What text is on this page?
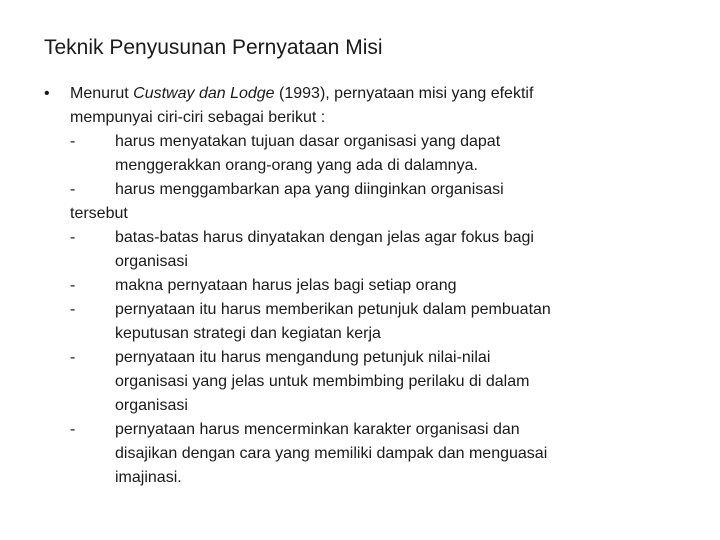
Teknik Penyusunan Pernyataan Misi
•	Menurut Custway dan Lodge (1993), pernyataan misi yang efektif
mempunyai ciri-ciri sebagai berikut :
- harus menyatakan tujuan dasar organisasi yang dapat
menggerakkan orang-orang yang ada di dalamnya.
- harus menggambarkan apa yang diinginkan organisasi
tersebut
- batas-batas harus dinyatakan dengan jelas agar fokus bagi
organisasi
- makna pernyataan harus jelas bagi setiap orang
- pernyataan itu harus memberikan petunjuk dalam pembuatan
keputusan strategi dan kegiatan kerja
- pernyataan itu harus mengandung petunjuk nilai-nilai
organisasi yang jelas untuk membimbing perilaku di dalam
organisasi
- pernyataan harus mencerminkan karakter organisasi dan
disajikan dengan cara yang memiliki dampak dan menguasai
imajinasi.
